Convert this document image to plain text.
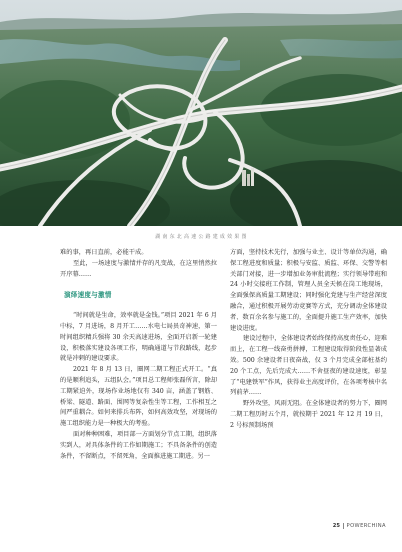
湖 南 东 北 高 速 公 路 建 成 效 果 图

难的事，再日直前，必能干成。

至此，一场速度与激情并存的凡变战，在这里悄然拉开序幕……

演绎速度与激情

“时间就是生命，效率就是金钱。”项目 2021 年 6 月中标，7 月进场，8 月开工……水电七局员奇神速，第一时间组织精兵强将 30 余天高速进场，全面开启新一轮建设，积极落实建设各项工作，明确通道与节段路线，起步就是冲刺的建设要求。

2021 年 8 月 13 日，圈网二期工程正式开工。“真的是顺利追头，五组队会。”项目总工程师张磊所言，除却工期紧迫外，现场作业场地仅有 340 亩，涵盖了钢筋、桥梁、隧道、路面、围网等复杂性生等工程，工作相互之间严重耦合。如何来排兵布阵，如何高效攻坚，对现场的施工组织能力是一种极大的考验。

面对种种困难，项目部一方面划分节点工期，组织落实到人，对具体条件的工作如期施工；不具备条件的创造条件，不留断点，不留死角，全面推进施工期进。另一

方面，坚持技术先行，加强与业主、设计等单位沟通，确保工程进度和质量；积极与安监、质监、环保、交警等相关部门对接，进一步增加业务审批流程；实行领导带班和 24 小时交接班工作制，管理人员全天候在岗工地现场，全面强保高质量工期建设；同时强化党建与生产经营深度融合，通过积极开展劳动竞赛等方式，充分调动全体建设者、数百余名参与施工的，全面提升施工生产效率，加快建设进度。

建设过程中，全体建设者始终保持高度责任心，迎难而上，在工程一线奋勇拼搏，工程建设取得阶段性显著成效。500 余建设者日夜奋战，仅 3 个月完成全部桩基约 20 个工点，先后完成大……不舍昼夜的建设速度，彰显了“电建铁军”作风，获得业主高度评价，在各项考核中名列前茅……

野外攻坚，风雨无阻。在全体建设者的努力下，圈网二期工程历时五个月，就按期于 2021 年 12 月 19 日，2 号标预制场预

25 POWERCHINA
